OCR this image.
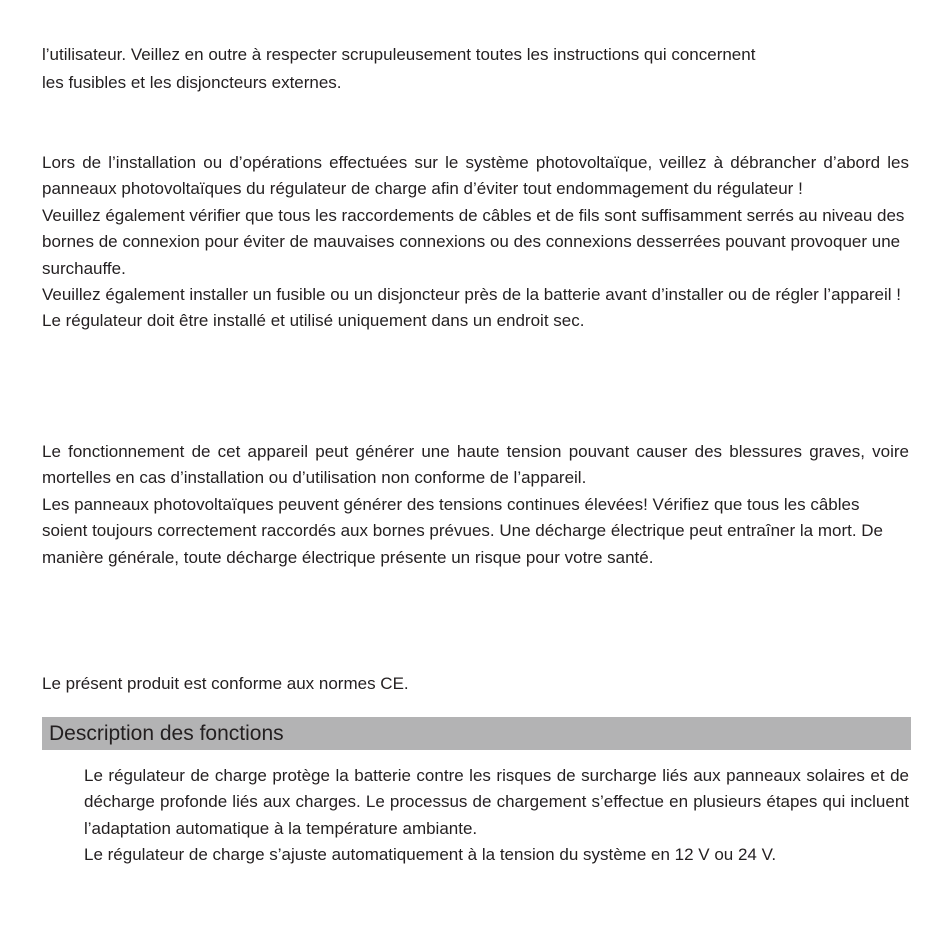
l’utilisateur. Veillez en outre à respecter scrupuleusement toutes les instructions qui concernent

les fusibles et les disjoncteurs externes.

Lors de l’installation ou d’opérations effectuées sur le système photovoltaïque, veillez à débrancher d’abord les panneaux photovoltaïques du régulateur de charge afin d’éviter tout endommagement du régulateur !

Veuillez également vérifier que tous les raccordements de câbles et de fils sont suffisamment serrés au niveau des bornes de connexion pour éviter de mauvaises connexions ou des connexions desserrées pouvant provoquer une surchauffe.

Veuillez également installer un fusible ou un disjoncteur près de la batterie avant d’installer ou de régler l’appareil !

Le régulateur doit être installé et utilisé uniquement dans un endroit sec.

Le fonctionnement de cet appareil peut générer une haute tension pouvant causer des blessures graves, voire mortelles en cas d’installation ou d’utilisation non conforme de l’appareil.

Les panneaux photovoltaïques peuvent générer des tensions continues élevées! Vérifiez que tous les câbles soient toujours correctement raccordés aux bornes prévues. Une décharge électrique peut entraîner la mort. De manière générale, toute décharge électrique présente un risque pour votre santé.

Le présent produit est conforme aux normes CE.

Description des fonctions

Le régulateur de charge protège la batterie contre les risques de surcharge liés aux panneaux solaires et de décharge profonde liés aux charges. Le processus de chargement s’effectue en plusieurs étapes qui incluent l’adaptation automatique à la température ambiante.

Le régulateur de charge s’ajuste automatiquement à la tension du système en 12 V ou 24 V.
